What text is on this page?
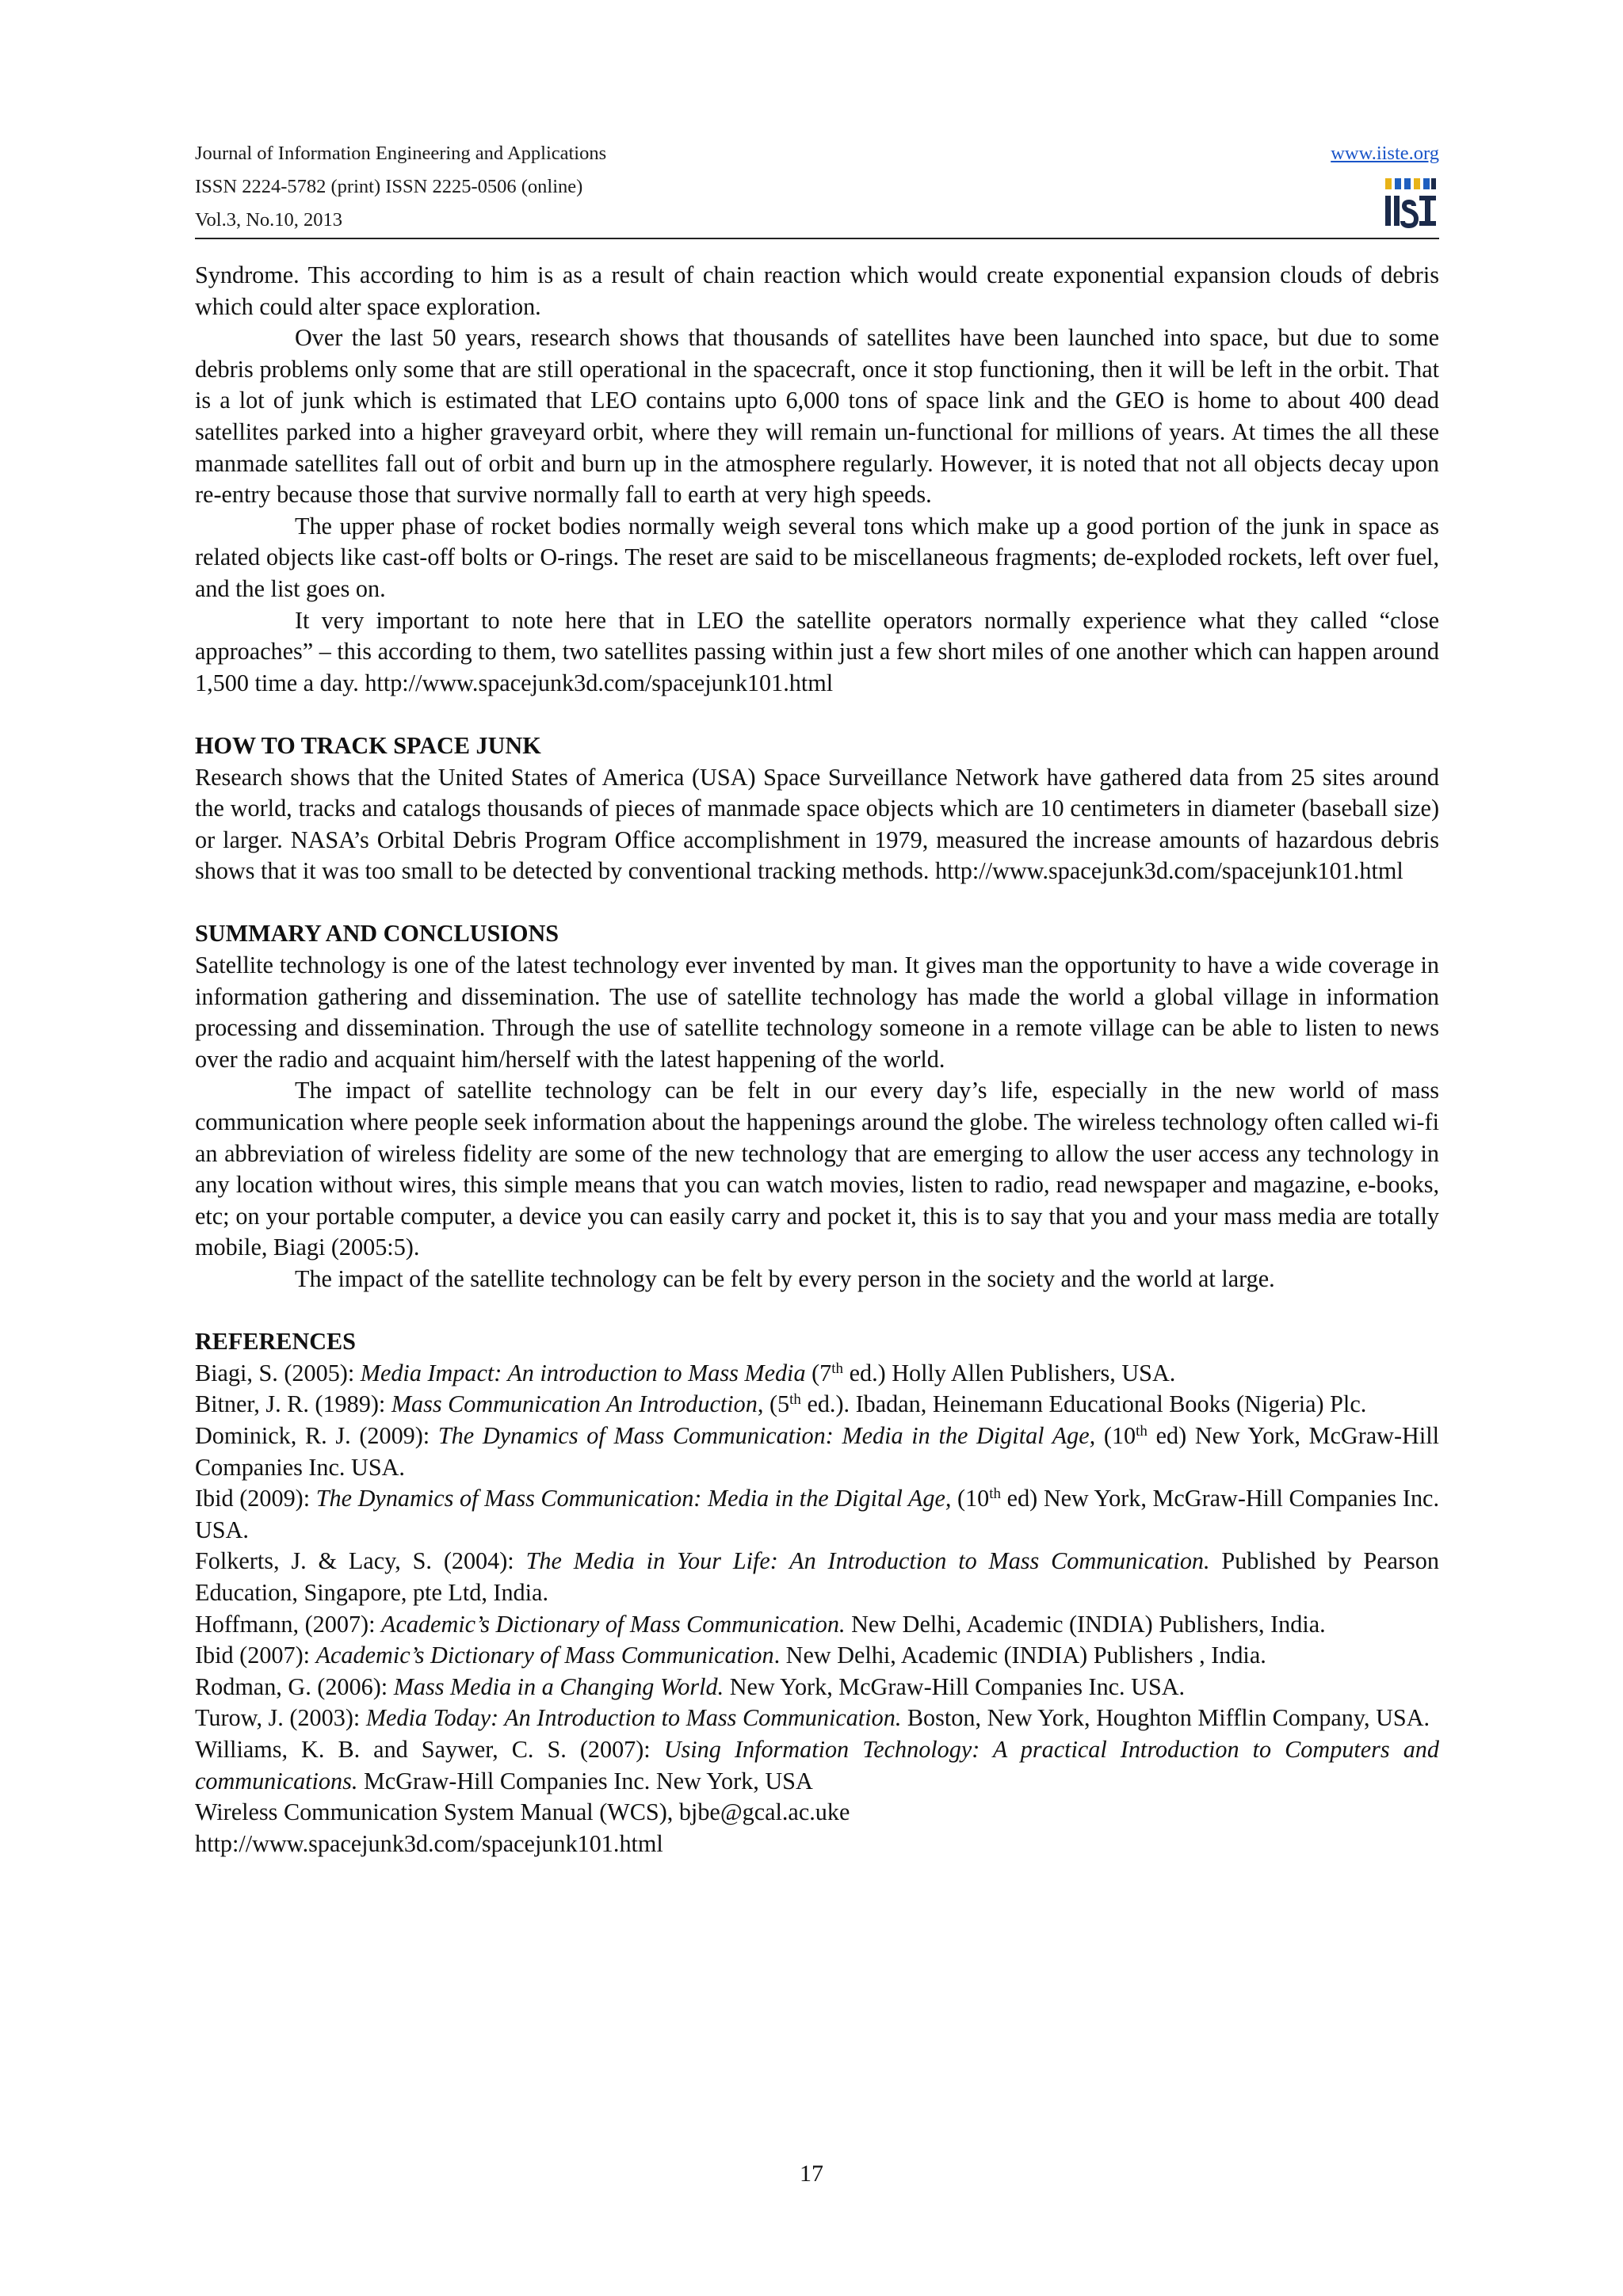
Journal of Information Engineering and Applications
ISSN 2224-5782 (print) ISSN 2225-0506 (online)
Vol.3, No.10, 2013
www.iiste.org

Syndrome. This according to him is as a result of chain reaction which would create exponential expansion clouds of debris which could alter space exploration.

Over the last 50 years, research shows that thousands of satellites have been launched into space, but due to some debris problems only some that are still operational in the spacecraft, once it stop functioning, then it will be left in the orbit. That is a lot of junk which is estimated that LEO contains upto 6,000 tons of space link and the GEO is home to about 400 dead satellites parked into a higher graveyard orbit, where they will remain un-functional for millions of years. At times the all these manmade satellites fall out of orbit and burn up in the atmosphere regularly. However, it is noted that not all objects decay upon re-entry because those that survive normally fall to earth at very high speeds.

The upper phase of rocket bodies normally weigh several tons which make up a good portion of the junk in space as related objects like cast-off bolts or O-rings. The reset are said to be miscellaneous fragments; de-exploded rockets, left over fuel, and the list goes on.

It very important to note here that in LEO the satellite operators normally experience what they called “close approaches” – this according to them, two satellites passing within just a few short miles of one another which can happen around 1,500 time a day. http://www.spacejunk3d.com/spacejunk101.html

HOW TO TRACK SPACE JUNK

Research shows that the United States of America (USA) Space Surveillance Network have gathered data from 25 sites around the world, tracks and catalogs thousands of pieces of manmade space objects which are 10 centimeters in diameter (baseball size) or larger. NASA’s Orbital Debris Program Office accomplishment in 1979, measured the increase amounts of hazardous debris shows that it was too small to be detected by conventional tracking methods. http://www.spacejunk3d.com/spacejunk101.html

SUMMARY AND CONCLUSIONS

Satellite technology is one of the latest technology ever invented by man. It gives man the opportunity to have a wide coverage in information gathering and dissemination. The use of satellite technology has made the world a global village in information processing and dissemination. Through the use of satellite technology someone in a remote village can be able to listen to news over the radio and acquaint him/herself with the latest happening of the world.

The impact of satellite technology can be felt in our every day’s life, especially in the new world of mass communication where people seek information about the happenings around the globe. The wireless technology often called wi-fi an abbreviation of wireless fidelity are some of the new technology that are emerging to allow the user access any technology in any location without wires, this simple means that you can watch movies, listen to radio, read newspaper and magazine, e-books, etc; on your portable computer, a device you can easily carry and pocket it, this is to say that you and your mass media are totally mobile, Biagi (2005:5).

The impact of the satellite technology can be felt by every person in the society and the world at large.

REFERENCES

Biagi, S. (2005): Media Impact: An introduction to Mass Media (7th ed.) Holly Allen Publishers, USA.

Bitner, J. R. (1989): Mass Communication An Introduction, (5th ed.). Ibadan, Heinemann Educational Books (Nigeria) Plc.

Dominick, R. J. (2009): The Dynamics of Mass Communication: Media in the Digital Age, (10th ed) New York, McGraw-Hill Companies Inc. USA.

Ibid (2009): The Dynamics of Mass Communication: Media in the Digital Age, (10th ed) New York, McGraw-Hill Companies Inc. USA.

Folkerts, J. & Lacy, S. (2004): The Media in Your Life: An Introduction to Mass Communication. Published by Pearson Education, Singapore, pte Ltd, India.

Hoffmann, (2007): Academic’s Dictionary of Mass Communication. New Delhi, Academic (INDIA) Publishers, India.

Ibid (2007): Academic’s Dictionary of Mass Communication. New Delhi, Academic (INDIA) Publishers , India.

Rodman, G. (2006): Mass Media in a Changing World. New York, McGraw-Hill Companies Inc. USA.

Turow, J. (2003): Media Today: An Introduction to Mass Communication. Boston, New York, Houghton Mifflin Company, USA.

Williams, K. B. and Saywer, C. S. (2007): Using Information Technology: A practical Introduction to Computers and communications. McGraw-Hill Companies Inc. New York, USA

Wireless Communication System Manual (WCS), bjbe@gcal.ac.uke

http://www.spacejunk3d.com/spacejunk101.html

17
